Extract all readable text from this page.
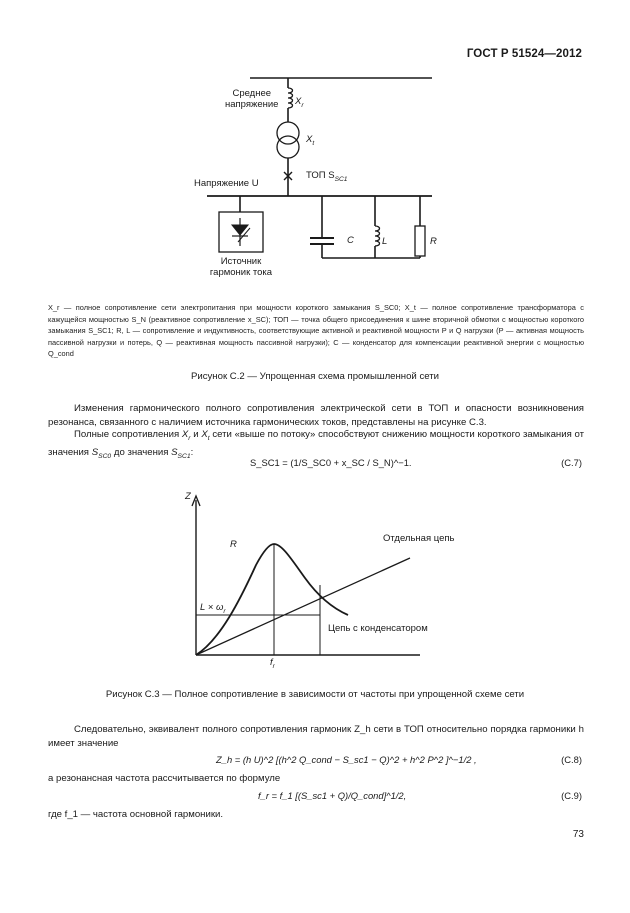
ГОСТ Р 51524—2012
Среднее
напряжение $X_r$
$X_t$
Напряжение U
ТОП $S_{SC1}$
C	L	R
Источник
гармоник тока
X_r — полное сопротивление сети электропитания при мощности короткого замыкания S_SC0; X_t — полное сопротивление трансформатора с кажущейся мощностью S_N (реактивное сопротивление x_SC); ТОП — точка общего присоединения к шине вторичной обмотки с мощностью короткого замыкания S_SC1; R, L — сопротивление и индуктивность, соответствующие активной и реактивной мощности P и Q нагрузки (P — активная мощность пассивной нагрузки и потерь, Q — реактивная мощность пассивной нагрузки); C — конденсатор для компенсации реактивной энергии с мощностью Q_cond
Рисунок С.2 — Упрощенная схема промышленной сети
Изменения гармонического полного сопротивления электрической сети в ТОП и опасности возникновения резонанса, связанного с наличием источника гармонических токов, представлены на рисунке С.3.
Полные сопротивления $X_r$ и $X_t$ сети «выше по потоку» способствуют снижению мощности короткого замыкания от значения $S_{SC0}$ до значения $S_{SC1}$:
S_SC1 = (1/S_SC0 + x_SC / S_N)^−1.	(С.7)
Z
R
$L \times \omega_r$
$f_r$
Отдельная цепь
Цепь с конденсатором
Рисунок С.3 — Полное сопротивление в зависимости от частоты при упрощенной схеме сети
Следовательно, эквивалент полного сопротивления гармоник Z_h сети в ТОП относительно порядка гармоники h имеет значение
Z_h = (h U)^2 [(h^2 Q_cond − S_sc1 − Q)^2 + h^2 P^2 ]^−1/2 ,	(С.8)
а резонансная частота рассчитывается по формуле
f_r = f_1 [(S_sc1 + Q)/Q_cond]^1/2,	(С.9)
где f_1 — частота основной гармоники.
73
